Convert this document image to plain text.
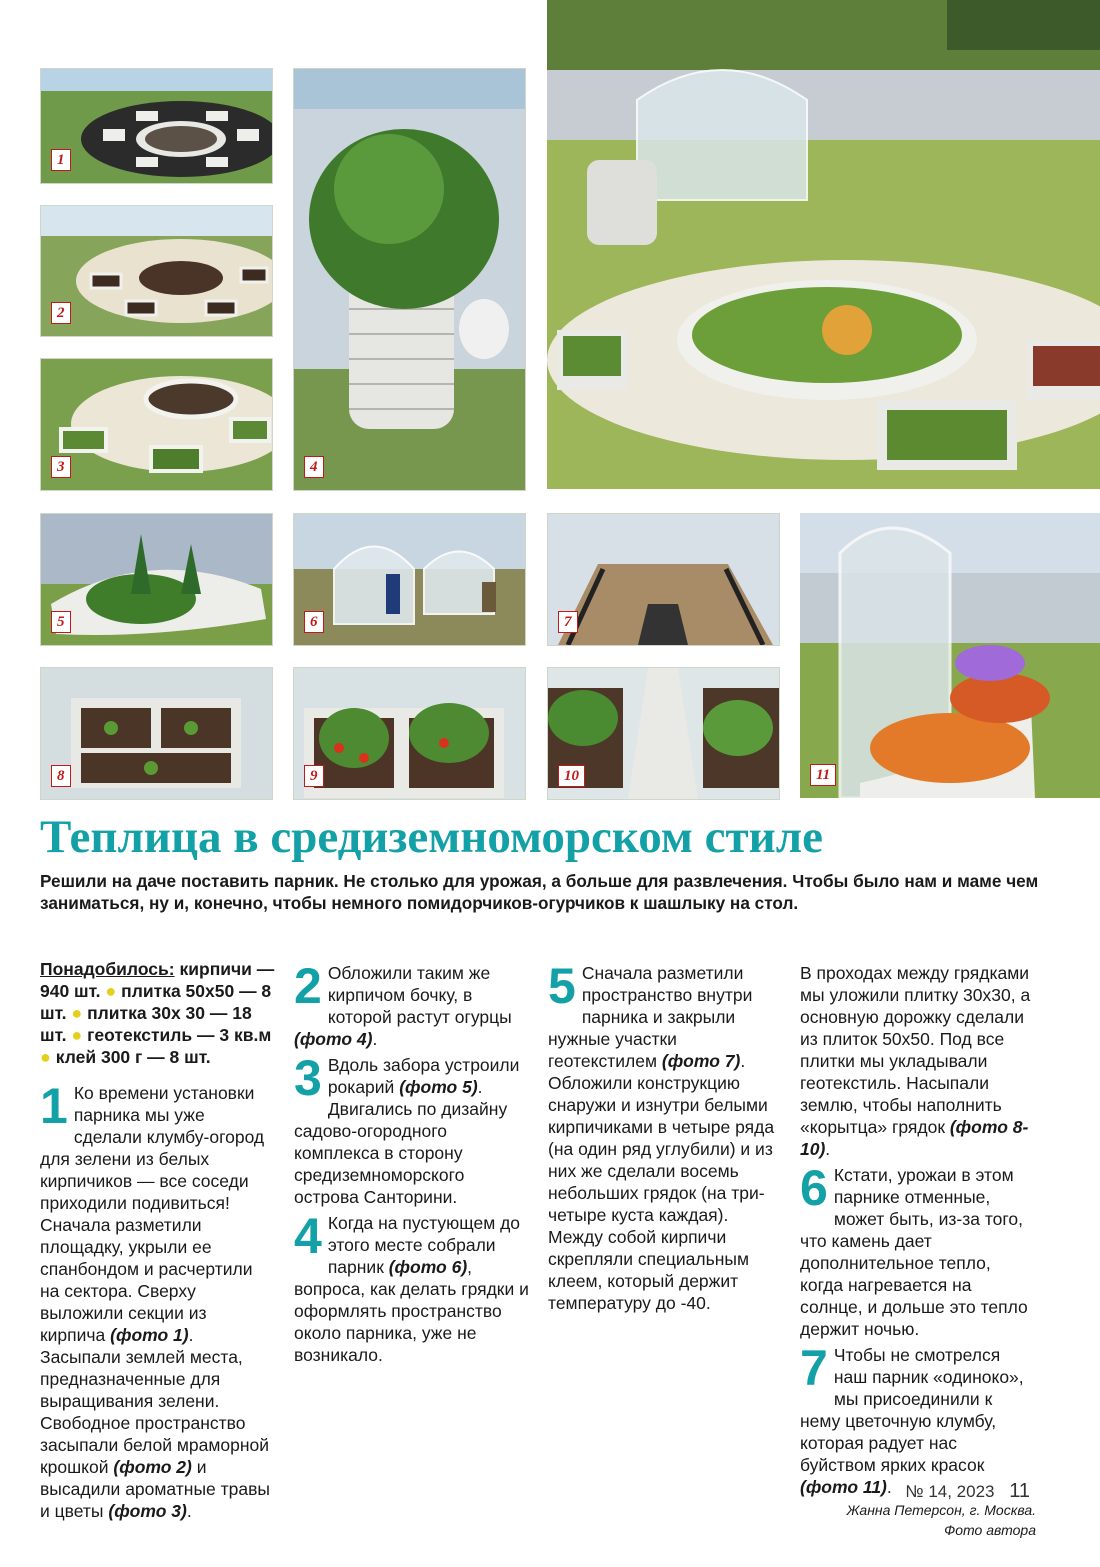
1
2
3	4
5	6	7
8	9	10	11
Теплица в средиземноморском стиле

Решили на даче поставить парник. Не столько для урожая, а больше для развлечения. Чтобы было нам и маме чем заниматься, ну и, конечно, чтобы немного помидорчиков-огурчиков к шашлыку на стол.

Понадобилось: кирпичи — 940 шт. ● плитка 50х50 — 8 шт. ● плитка 30х 30 — 18 шт. ● геотекстиль — 3 кв.м ● клей 300 г — 8 шт.

1 Ко времени установки парника мы уже сделали клумбу-огород для зелени из белых кирпичиков — все соседи приходили подивиться! Сначала разметили площадку, укрыли ее спанбондом и расчертили на сектора. Сверху выложили секции из кирпича (фото 1). Засыпали землей места, предназначенные для выращивания зелени. Свободное пространство засыпали белой мраморной крошкой (фото 2) и высадили ароматные травы и цветы (фото 3).

2 Обложили таким же кирпичом бочку, в которой растут огурцы (фото 4).

3 Вдоль забора устроили рокарий (фото 5). Двигались по дизайну садово-огородного комплекса в сторону средиземноморского острова Санторини.

4 Когда на пустующем до этого месте собрали парник (фото 6), вопроса, как делать грядки и оформлять пространство около парника, уже не возникало.

5 Сначала разметили пространство внутри парника и закрыли нужные участки геотекстилем (фото 7). Обложили конструкцию снаружи и изнутри белыми кирпичиками в четыре ряда (на один ряд углубили) и из них же сделали восемь небольших грядок (на три-четыре куста каждая). Между собой кирпичи скрепляли специальным клеем, который держит температуру до -40.

В проходах между грядками мы уложили плитку 30х30, а основную дорожку сделали из плиток 50х50. Под все плитки мы укладывали геотекстиль. Насыпали землю, чтобы наполнить «корытца» грядок (фото 8-10).

6 Кстати, урожаи в этом парнике отменные, может быть, из-за того, что камень дает дополнительное тепло, когда нагревается на солнце, и дольше это тепло держит ночью.

7 Чтобы не смотрелся наш парник «одиноко», мы присоединили к нему цветочную клумбу, которая радует нас буйством ярких красок (фото 11).

Жанна Петерсон, г. Москва.

Фото автора

№ 14, 2023 11
